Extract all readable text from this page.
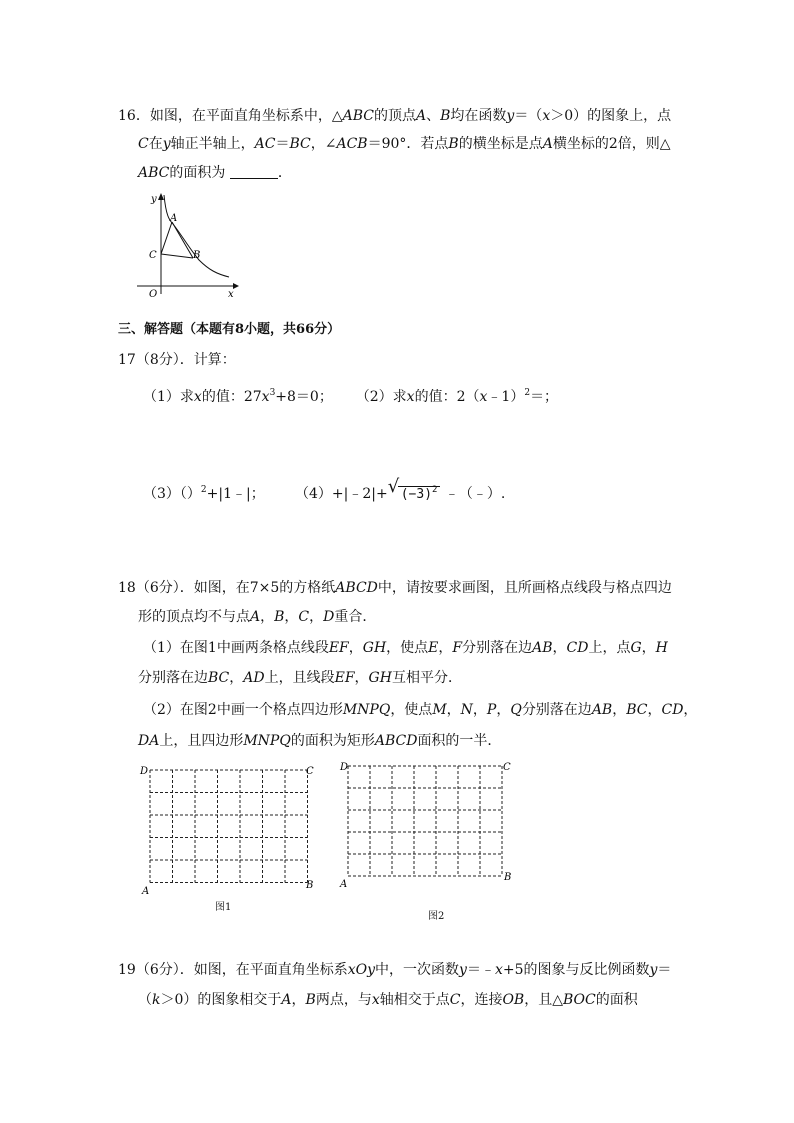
16．如图，在平面直角坐标系中，△ABC的顶点A、B均在函数y＝（x＞0）的图象上，点
C在y轴正半轴上，AC＝BC，∠ACB＝90°．若点B的横坐标是点A横坐标的2倍，则△
ABC的面积为	．
y
x
O
A
B
C
三、解答题（本题有8小题，共66分）
17（8分）．计算：
（1）求x的值：$27x^3+8=0$； （2）求x的值：2（x﹣1）$^2$＝；
（3）（）$^2$+|1﹣|； （4）+|﹣2|+ √ $(-3)^2$ ﹣（﹣）.
18（6分）．如图，在7×5的方格纸ABCD中，请按要求画图，且所画格点线段与格点四边
形的顶点均不与点A，B，C，D重合．
（1）在图1中画两条格点线段EF，GH，使点E，F分别落在边AB，CD上，点G，H
分别落在边BC，AD上，且线段EF，GH互相平分．
（2）在图2中画一个格点四边形MNPQ，使点M，N，P，Q分别落在边AB，BC，CD，
DA上，且四边形MNPQ的面积为矩形ABCD面积的一半．
D	C
A
B
图1
D	C
A
B
图2
19（6分）．如图，在平面直角坐标系xOy中，一次函数y＝﹣x+5的图象与反比例函数y＝
（k＞0）的图象相交于A，B两点，与x轴相交于点C，连接OB，且△BOC的面积
